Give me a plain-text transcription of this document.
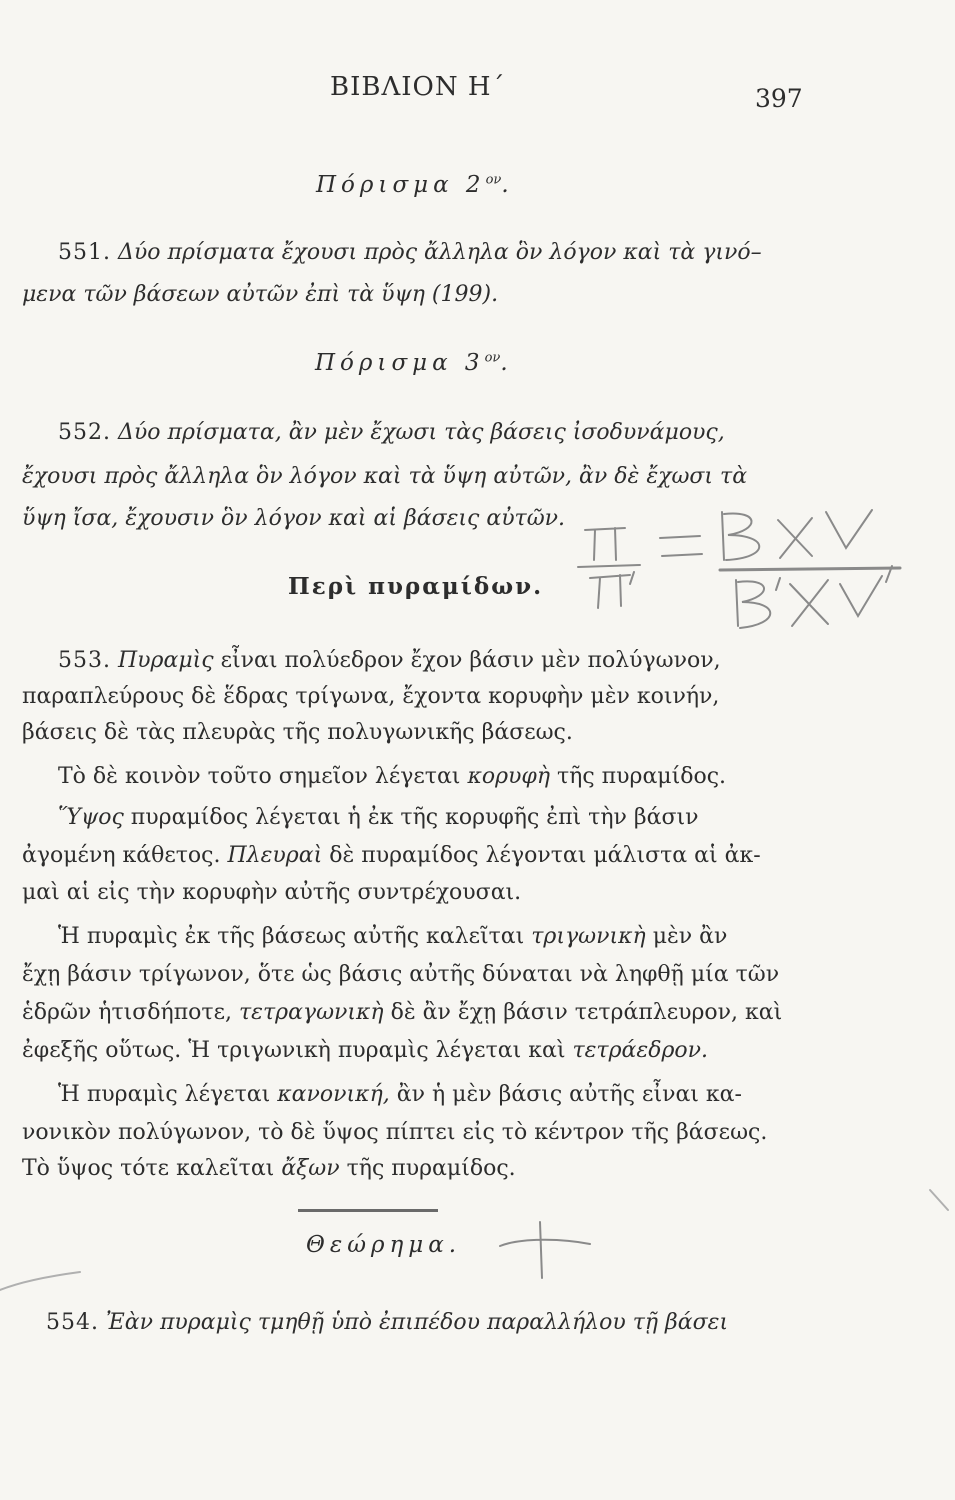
ΒΙΒΛΙΟΝ Η΄	397
Πόρισμα $2^{o\nu}$.
551. Δύο πρίσματα ἔχουσι πρὸς ἄλληλα ὃν λόγον καὶ τὰ γινό–
μενα τῶν βάσεων αὐτῶν ἐπὶ τὰ ὕψη (199).
Πόρισμα $3^{o\nu}$.
552. Δύο πρίσματα, ἂν μὲν ἔχωσι τὰς βάσεις ἰσοδυνάμους,
ἔχουσι πρὸς ἄλληλα ὃν λόγον καὶ τὰ ὕψη αὐτῶν, ἂν δὲ ἔχωσι τὰ
ὕψη ἴσα, ἔχουσιν ὃν λόγον καὶ αἱ βάσεις αὐτῶν.
Περὶ πυραμίδων.
553. Πυραμὶς εἶναι πολύεδρον ἔχον βάσιν μὲν πολύγωνον,
παραπλεύρους δὲ ἕδρας τρίγωνα, ἔχοντα κορυφὴν μὲν κοινήν,
βάσεις δὲ τὰς πλευρὰς τῆς πολυγωνικῆς βάσεως.
Τὸ δὲ κοινὸν τοῦτο σημεῖον λέγεται κορυφὴ τῆς πυραμίδος.
Ὕψος πυραμίδος λέγεται ἡ ἐκ τῆς κορυφῆς ἐπὶ τὴν βάσιν
ἀγομένη κάθετος. Πλευραὶ δὲ πυραμίδος λέγονται μάλιστα αἱ ἀκ-
μαὶ αἱ εἰς τὴν κορυφὴν αὐτῆς συντρέχουσαι.
Ἡ πυραμὶς ἐκ τῆς βάσεως αὐτῆς καλεῖται τριγωνικὴ μὲν ἂν
ἔχῃ βάσιν τρίγωνον, ὅτε ὡς βάσις αὐτῆς δύναται νὰ ληφθῇ μία τῶν
ἑδρῶν ἡτισδήποτε, τετραγωνικὴ δὲ ἂν ἔχῃ βάσιν τετράπλευρον, καὶ
ἐφεξῆς οὕτως. Ἡ τριγωνικὴ πυραμὶς λέγεται καὶ τετράεδρον.
Ἡ πυραμὶς λέγεται κανονική, ἂν ἡ μὲν βάσις αὐτῆς εἶναι κα-
νονικὸν πολύγωνον, τὸ δὲ ὕψος πίπτει εἰς τὸ κέντρον τῆς βάσεως.
Τὸ ὕψος τότε καλεῖται ἄξων τῆς πυραμίδος.
Θεώρημα.
554. Ἐὰν πυραμὶς τμηθῇ ὑπὸ ἐπιπέδου παραλλήλου τῇ βάσει
